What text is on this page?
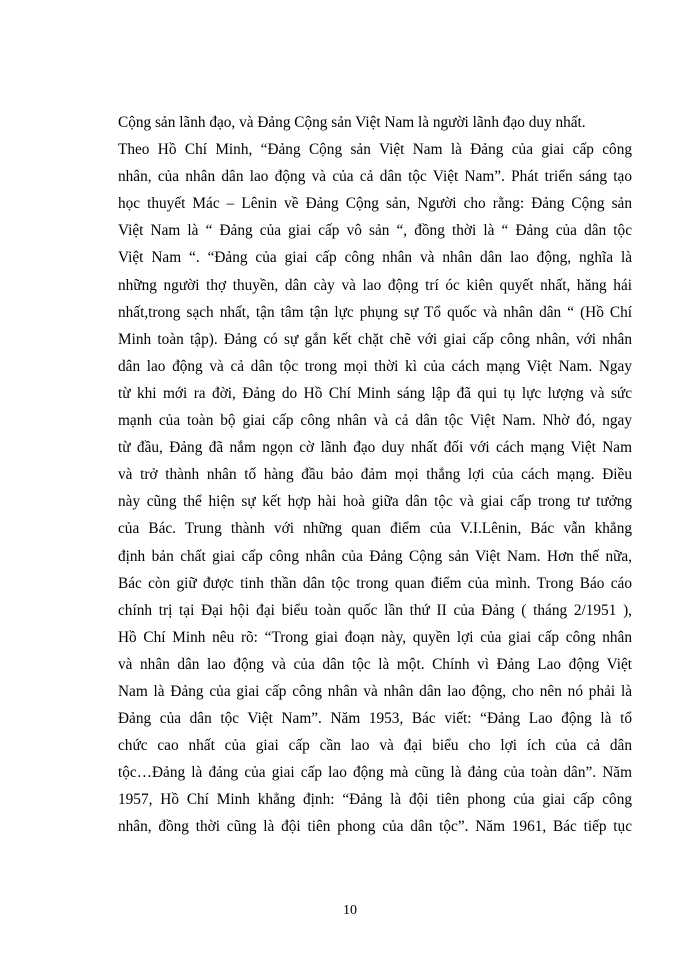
Cộng sản lãnh đạo, và Đảng Cộng sản Việt Nam là người lãnh đạo duy nhất.
Theo Hồ Chí Minh, “Đảng Cộng sản Việt Nam là Đảng của giai cấp công
nhân, của nhân dân lao động và của cả dân tộc Việt Nam”. Phát triển sáng tạo
học thuyết Mác – Lênin về Đảng Cộng sản, Người cho rằng: Đảng Cộng sản
Việt Nam là “ Đảng của giai cấp vô sản “, đồng thời là “ Đảng của dân tộc
Việt Nam “. “Đảng của giai cấp công nhân và nhân dân lao động, nghĩa là
những người thợ thuyền, dân cày và lao động trí óc kiên quyết nhất, hăng hái
nhất,trong sạch nhất, tận tâm tận lực phụng sự Tổ quốc và nhân dân “ (Hồ Chí
Minh toàn tập). Đảng có sự gắn kết chặt chẽ với giai cấp công nhân, với nhân
dân lao động và cả dân tộc trong mọi thời kì của cách mạng Việt Nam. Ngay
từ khi mới ra đời, Đảng do Hồ Chí Minh sáng lập đã qui tụ lực lượng và sức
mạnh của toàn bộ giai cấp công nhân và cả dân tộc Việt Nam. Nhờ đó, ngay
từ đầu, Đảng đã nắm ngọn cờ lãnh đạo duy nhất đối với cách mạng Việt Nam
và trở thành nhân tố hàng đầu bảo đảm mọi thắng lợi của cách mạng. Điều
này cũng thể hiện sự kết hợp hài hoà giữa dân tộc và giai cấp trong tư tưởng
của Bác. Trung thành với những quan điểm của V.I.Lênin, Bác vẫn khẳng
định bản chất giai cấp công nhân của Đảng Cộng sản Việt Nam. Hơn thế nữa,
Bác còn giữ được tinh thần dân tộc trong quan điểm của mình. Trong Báo cáo
chính trị tại Đại hội đại biểu toàn quốc lần thứ II của Đảng ( tháng 2/1951 ),
Hồ Chí Minh nêu rõ: “Trong giai đoạn này, quyền lợi của giai cấp công nhân
và nhân dân lao động và của dân tộc là một. Chính vì Đảng Lao động Việt
Nam là Đảng của giai cấp công nhân và nhân dân lao động, cho nên nó phải là
Đảng của dân tộc Việt Nam”. Năm 1953, Bác viết: “Đảng Lao động là tổ
chức cao nhất của giai cấp cần lao và đại biểu cho lợi ích của cả dân
tộc…Đảng là đảng của giai cấp lao động mà cũng là đảng của toàn dân”. Năm
1957, Hồ Chí Minh khẳng định: “Đảng là đội tiên phong của giai cấp công
nhân, đồng thời cũng là đội tiên phong của dân tộc”. Năm 1961, Bác tiếp tục
10
